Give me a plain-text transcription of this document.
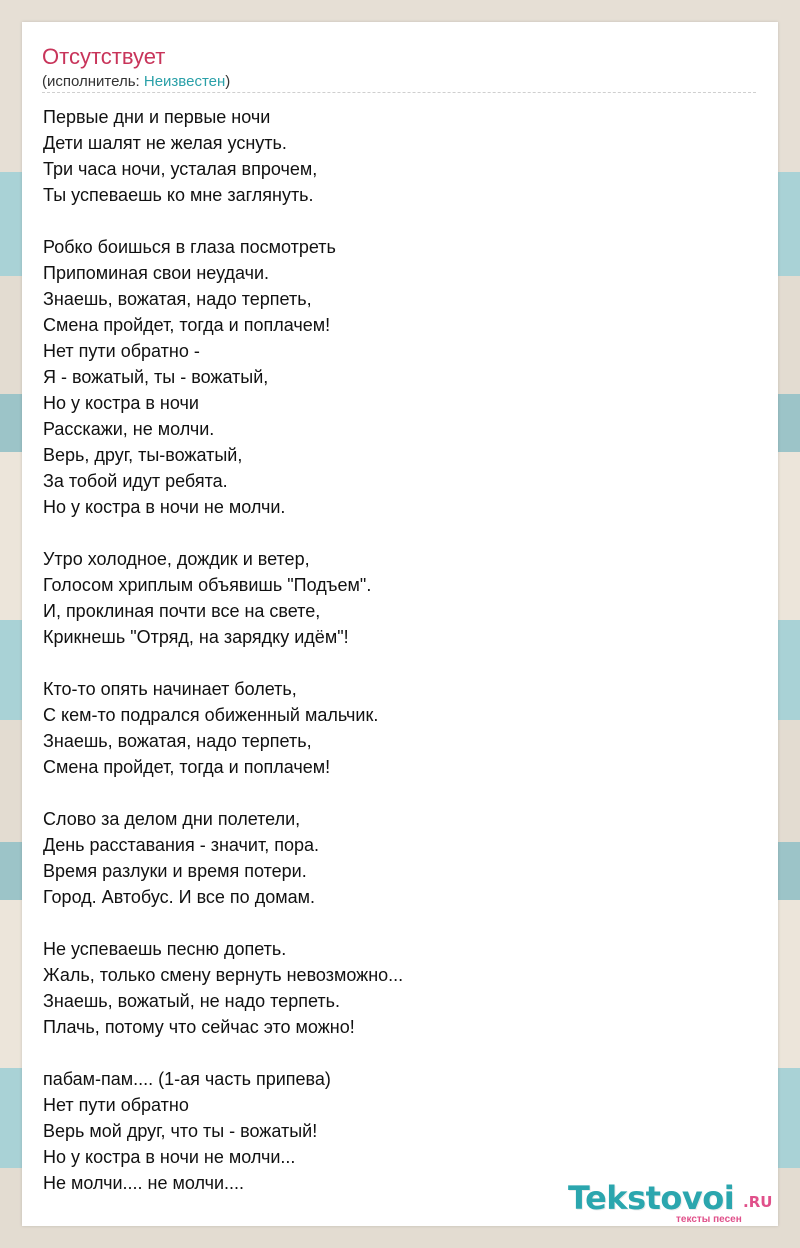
Отсутствует
(исполнитель: Неизвестен)
Первые дни и первые ночи
Дети шалят не желая уснуть.
Три часа ночи, усталая впрочем,
Ты успеваешь ко мне заглянуть.
Робко боишься в глаза посмотреть
Припоминая свои неудачи.
Знаешь, вожатая, надо терпеть,
Смена пройдет, тогда и поплачем!
Нет пути обратно -
Я - вожатый, ты - вожатый,
Но у костра в ночи
Расскажи, не молчи.
Верь, друг, ты-вожатый,
За тобой идут ребята.
Но у костра в ночи не молчи.
Утро холодное, дождик и ветер,
Голосом хриплым объявишь "Подъем".
И, проклиная почти все на свете,
Крикнешь "Отряд, на зарядку идём"!
Кто-то опять начинает болеть,
С кем-то подрался обиженный мальчик.
Знаешь, вожатая, надо терпеть,
Смена пройдет, тогда и поплачем!
Слово за делом дни полетели,
День расставания - значит, пора.
Время разлуки и время потери.
Город. Автобус. И все по домам.
Не успеваешь песню допеть.
Жаль, только смену вернуть невозможно...
Знаешь, вожатый, не надо терпеть.
Плачь, потому что сейчас это можно!
пабам-пам.... (1-ая часть припева)
Нет пути обратно
Верь мой друг, что ты - вожатый!
Но у костра в ночи не молчи...
Не молчи.... не молчи....	Tekstovoi .RU
тексты песен
